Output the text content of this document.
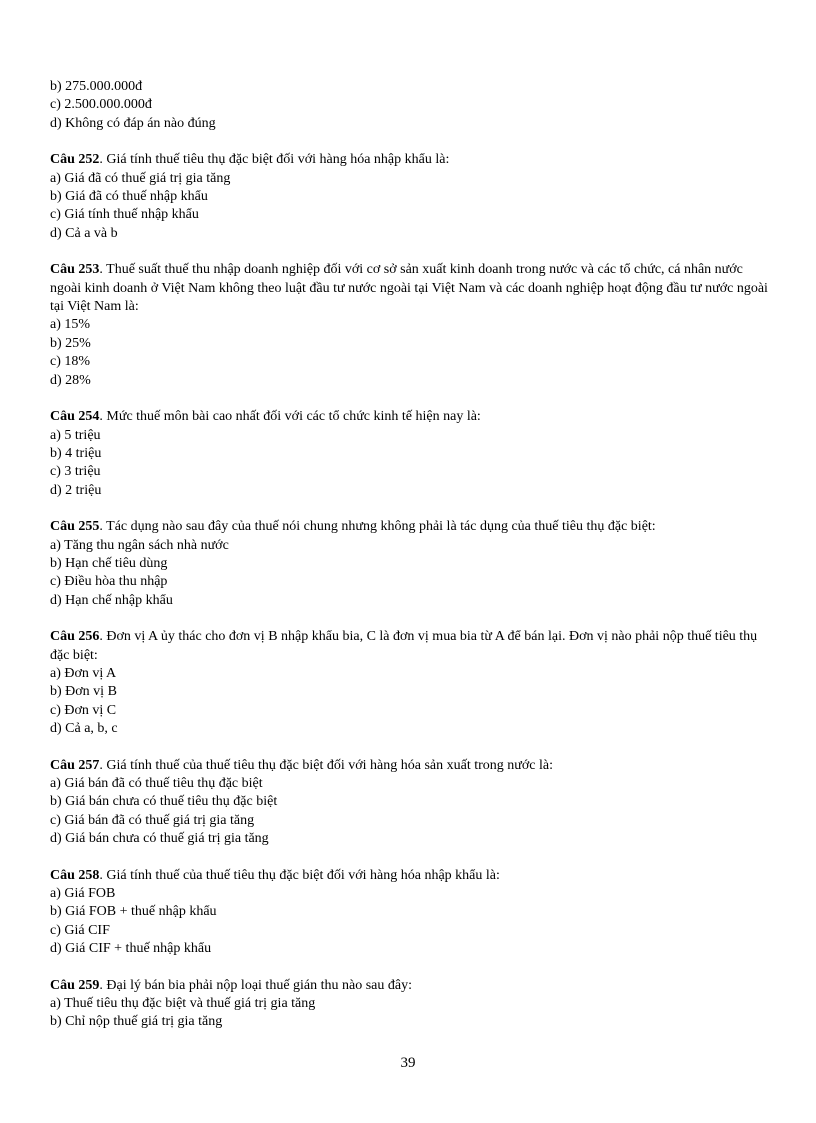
b) 275.000.000đ
c) 2.500.000.000đ
d) Không có đáp án nào đúng
Câu 252. Giá tính thuế tiêu thụ đặc biệt đối với hàng hóa nhập khẩu là:
a) Giá đã có thuế giá trị gia tăng
b) Giá đã có thuế nhập khẩu
c) Giá tính thuế nhập khẩu
d) Cả a và b
Câu 253. Thuế suất thuế thu nhập doanh nghiệp đối với cơ sở sản xuất kinh doanh trong nước và các tổ chức, cá nhân nước ngoài kinh doanh ở Việt Nam không theo luật đầu tư nước ngoài tại Việt Nam và các doanh nghiệp hoạt động đầu tư nước ngoài tại Việt Nam là:
a) 15%
b) 25%
c) 18%
d) 28%
Câu 254. Mức thuế môn bài cao nhất đối với các tổ chức kinh tế hiện nay là:
a) 5 triệu
b) 4 triệu
c) 3 triệu
d) 2 triệu
Câu 255. Tác dụng nào sau đây của thuế nói chung nhưng không phải là tác dụng của thuế tiêu thụ đặc biệt:
a) Tăng thu ngân sách nhà nước
b) Hạn chế tiêu dùng
c) Điều hòa thu nhập
d) Hạn chế nhập khẩu
Câu 256. Đơn vị A ủy thác cho đơn vị B nhập khẩu bia, C là đơn vị mua bia từ A để bán lại. Đơn vị nào phải nộp thuế tiêu thụ đặc biệt:
a) Đơn vị A
b) Đơn vị B
c) Đơn vị C
d) Cả a, b, c
Câu 257. Giá tính thuế của thuế tiêu thụ đặc biệt đối với hàng hóa sản xuất trong nước là:
a) Giá bán đã có thuế tiêu thụ đặc biệt
b) Giá bán chưa có thuế tiêu thụ đặc biệt
c) Giá bán đã có thuế giá trị gia tăng
d) Giá bán chưa có thuế giá trị gia tăng
Câu 258. Giá tính thuế của thuế tiêu thụ đặc biệt đối với hàng hóa nhập khẩu là:
a) Giá FOB
b) Giá FOB + thuế nhập khẩu
c) Giá CIF
d) Giá CIF + thuế nhập khẩu
Câu 259. Đại lý bán bia phải nộp loại thuế gián thu nào sau đây:
a) Thuế tiêu thụ đặc biệt và thuế giá trị gia tăng
b) Chỉ nộp thuế giá trị gia tăng
39
